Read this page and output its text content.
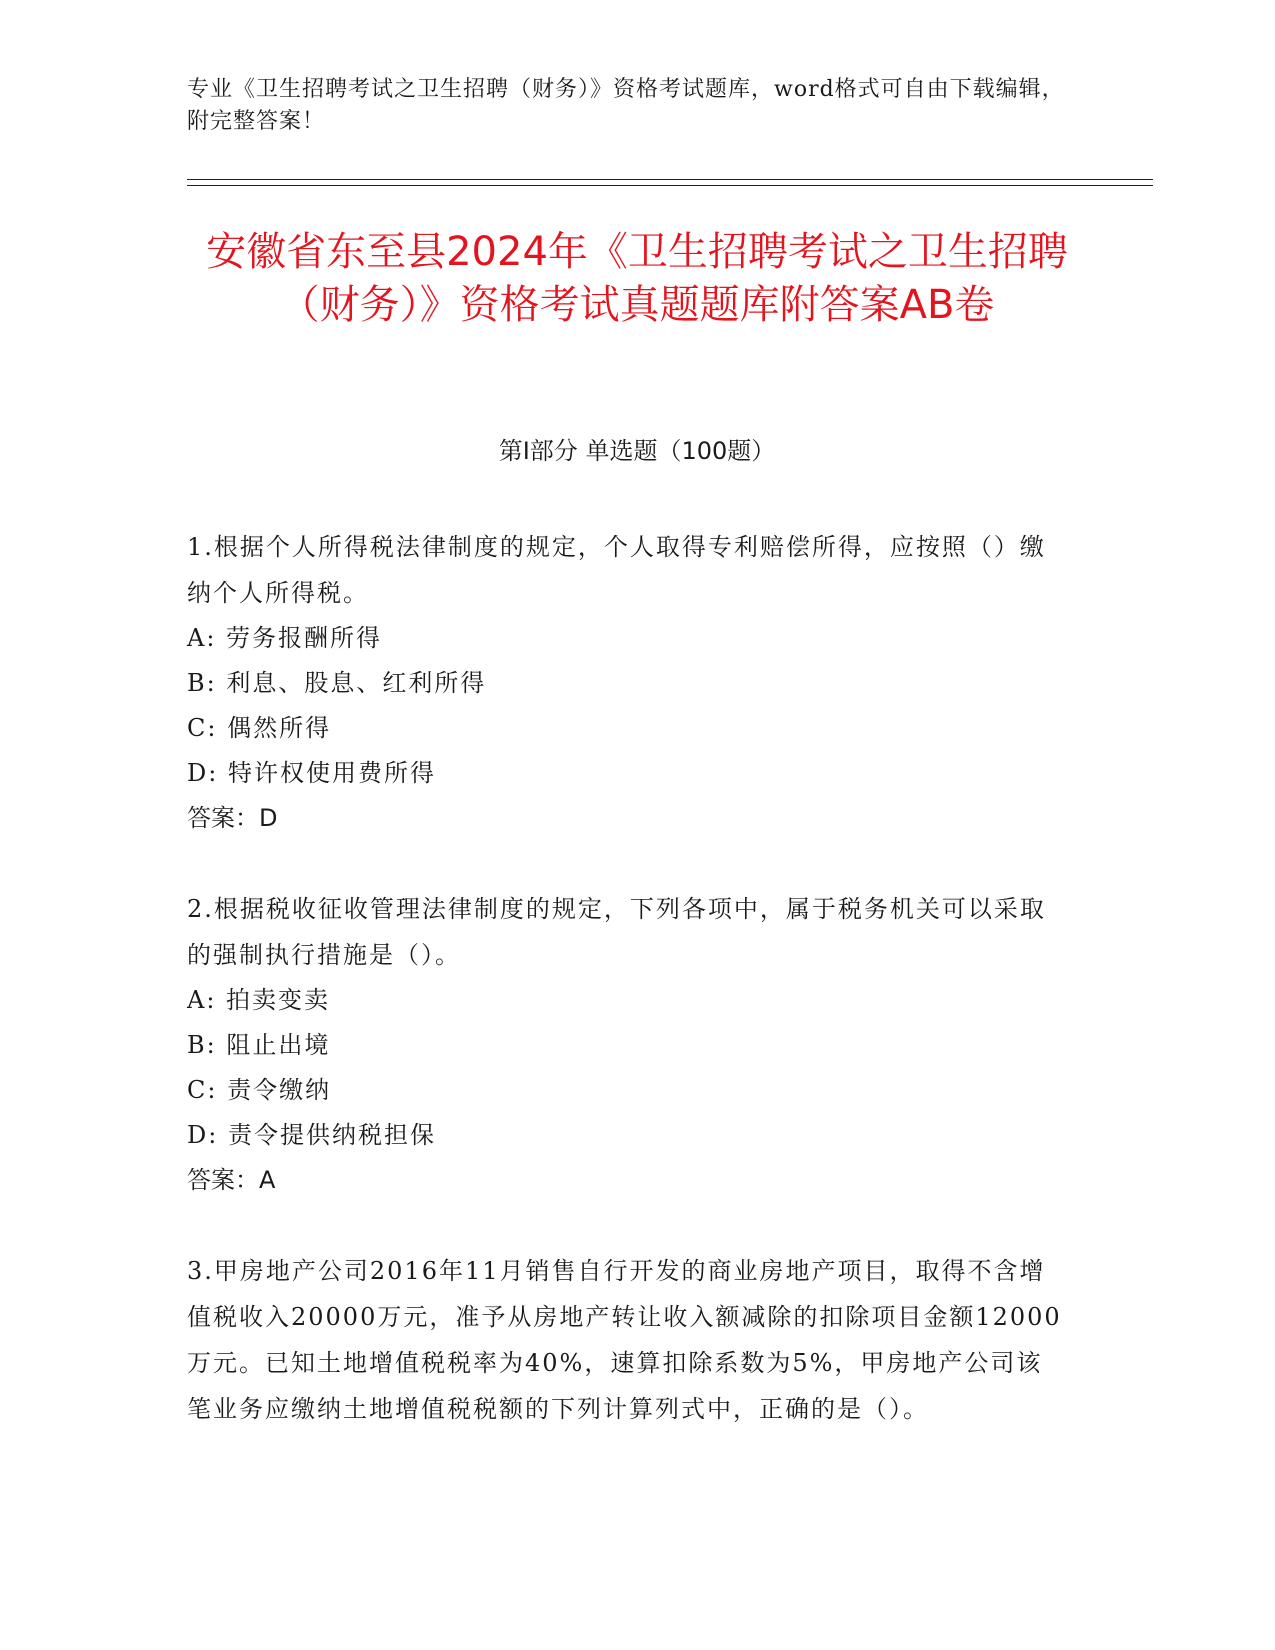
专业《卫生招聘考试之卫生招聘（财务）》资格考试题库，word格式可自由下载编辑，附完整答案！
安徽省东至县2024年《卫生招聘考试之卫生招聘（财务）》资格考试真题题库附答案AB卷
第I部分 单选题（100题）
1.根据个人所得税法律制度的规定，个人取得专利赔偿所得，应按照（）缴纳个人所得税。
A: 劳务报酬所得
B: 利息、股息、红利所得
C: 偶然所得
D: 特许权使用费所得
答案：D
2.根据税收征收管理法律制度的规定，下列各项中，属于税务机关可以采取的强制执行措施是（）。
A: 拍卖变卖
B: 阻止出境
C: 责令缴纳
D: 责令提供纳税担保
答案：A
3.甲房地产公司2016年11月销售自行开发的商业房地产项目，取得不含增值税收入20000万元，准予从房地产转让收入额减除的扣除项目金额12000万元。已知土地增值税税率为40%，速算扣除系数为5%，甲房地产公司该笔业务应缴纳土地增值税税额的下列计算列式中，正确的是（）。
